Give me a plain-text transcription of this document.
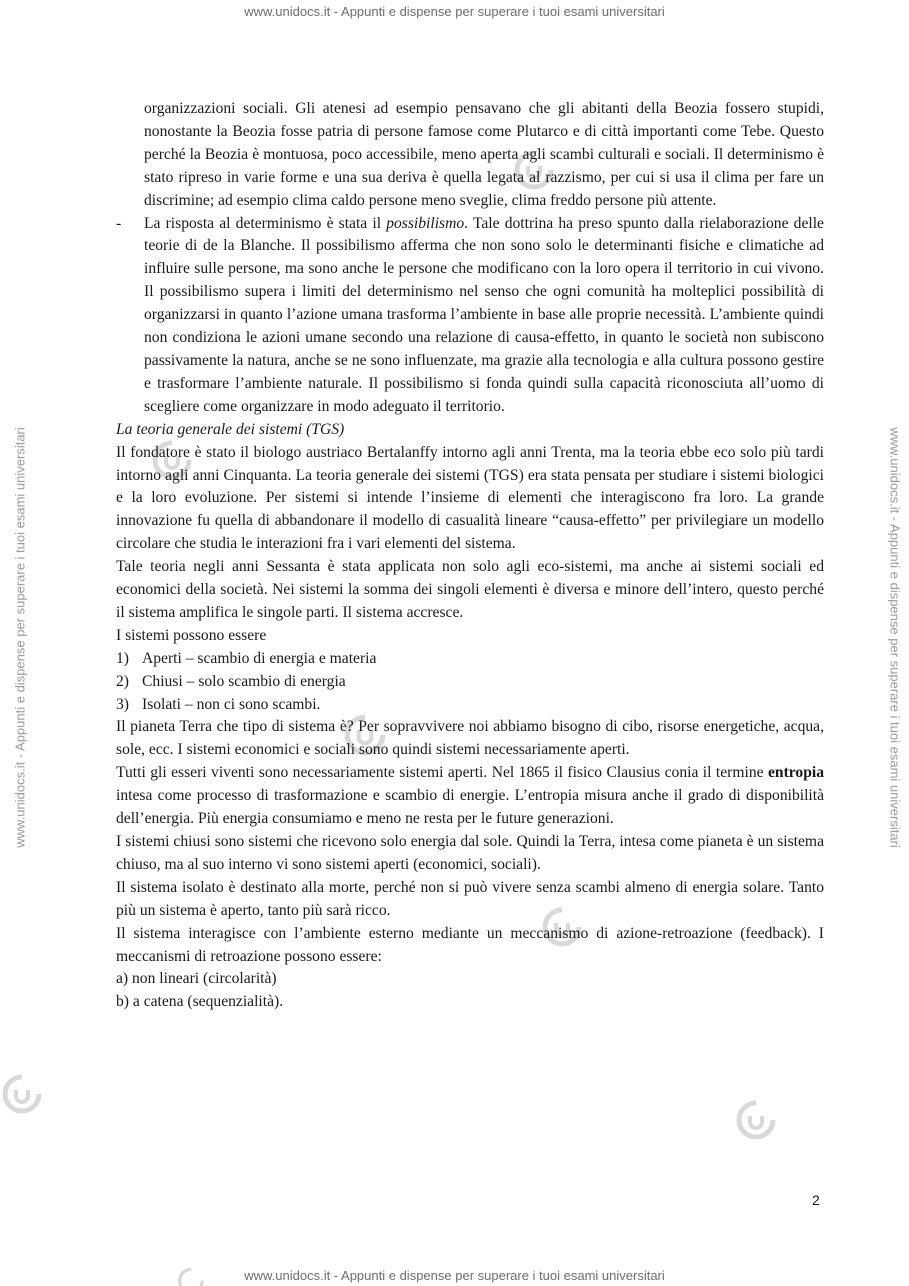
www.unidocs.it - Appunti e dispense per superare i tuoi esami universitari
www.unidocs.it - Appunti e dispense per superare i tuoi esami universitari	www.unidocs.it - Appunti e dispense per superare i tuoi esami universitari

organizzazioni sociali. Gli atenesi ad esempio pensavano che gli abitanti della Beozia fossero stupidi, nonostante la Beozia fosse patria di persone famose come Plutarco e di città importanti come Tebe. Questo perché la Beozia è montuosa, poco accessibile, meno aperta agli scambi culturali e sociali. Il determinismo è stato ripreso in varie forme e una sua deriva è quella legata al razzismo, per cui si usa il clima per fare un discrimine; ad esempio clima caldo persone meno sveglie, clima freddo persone più attente.

- La risposta al determinismo è stata il possibilismo. Tale dottrina ha preso spunto dalla rielaborazione delle teorie di de la Blanche. Il possibilismo afferma che non sono solo le determinanti fisiche e climatiche ad influire sulle persone, ma sono anche le persone che modificano con la loro opera il territorio in cui vivono. Il possibilismo supera i limiti del determinismo nel senso che ogni comunità ha molteplici possibilità di organizzarsi in quanto l’azione umana trasforma l’ambiente in base alle proprie necessità. L’ambiente quindi non condiziona le azioni umane secondo una relazione di causa-effetto, in quanto le società non subiscono passivamente la natura, anche se ne sono influenzate, ma grazie alla tecnologia e alla cultura possono gestire e trasformare l’ambiente naturale. Il possibilismo si fonda quindi sulla capacità riconosciuta all’uomo di scegliere come organizzare in modo adeguato il territorio.

La teoria generale dei sistemi (TGS)

Il fondatore è stato il biologo austriaco Bertalanffy intorno agli anni Trenta, ma la teoria ebbe eco solo più tardi intorno agli anni Cinquanta. La teoria generale dei sistemi (TGS) era stata pensata per studiare i sistemi biologici e la loro evoluzione. Per sistemi si intende l’insieme di elementi che interagiscono fra loro. La grande innovazione fu quella di abbandonare il modello di casualità lineare “causa-effetto” per privilegiare un modello circolare che studia le interazioni fra i vari elementi del sistema.

Tale teoria negli anni Sessanta è stata applicata non solo agli eco-sistemi, ma anche ai sistemi sociali ed economici della società. Nei sistemi la somma dei singoli elementi è diversa e minore dell’intero, questo perché il sistema amplifica le singole parti. Il sistema accresce.

I sistemi possono essere

1) Aperti – scambio di energia e materia
2) Chiusi – solo scambio di energia
3) Isolati – non ci sono scambi.

Il pianeta Terra che tipo di sistema è? Per sopravvivere noi abbiamo bisogno di cibo, risorse energetiche, acqua, sole, ecc. I sistemi economici e sociali sono quindi sistemi necessariamente aperti.

Tutti gli esseri viventi sono necessariamente sistemi aperti. Nel 1865 il fisico Clausius conia il termine entropia intesa come processo di trasformazione e scambio di energie. L’entropia misura anche il grado di disponibilità dell’energia. Più energia consumiamo e meno ne resta per le future generazioni.

I sistemi chiusi sono sistemi che ricevono solo energia dal sole. Quindi la Terra, intesa come pianeta è un sistema chiuso, ma al suo interno vi sono sistemi aperti (economici, sociali).

Il sistema isolato è destinato alla morte, perché non si può vivere senza scambi almeno di energia solare. Tanto più un sistema è aperto, tanto più sarà ricco.

Il sistema interagisce con l’ambiente esterno mediante un meccanismo di azione-retroazione (feedback). I meccanismi di retroazione possono essere:

a) non lineari (circolarità)

b) a catena (sequenzialità).

2
www.unidocs.it - Appunti e dispense per superare i tuoi esami universitari
